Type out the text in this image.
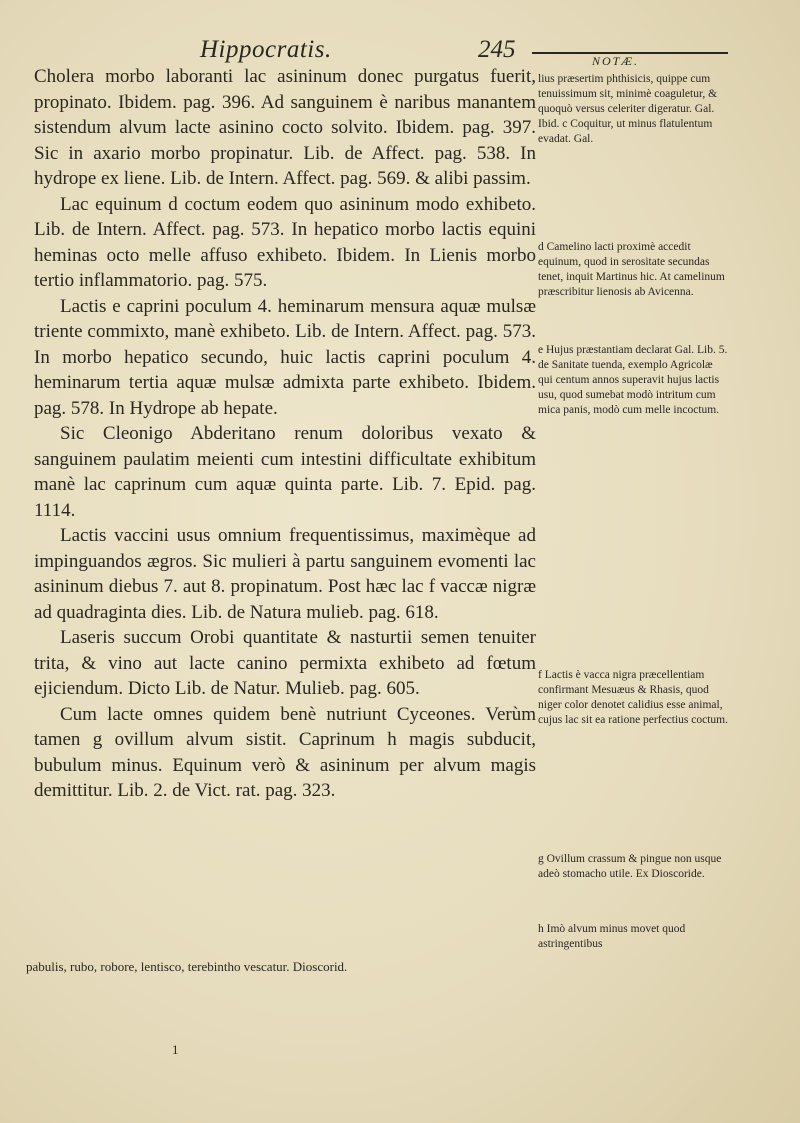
Hippocratis.	245	NOTÆ.

Cholera morbo laboranti lac asininum donec purgatus fuerit, propinato. Ibidem. pag. 396. Ad sanguinem è naribus manantem sistendum alvum lacte asinino cocto solvito. Ibidem. pag. 397. Sic in axario morbo propinatur. Lib. de Affect. pag. 538. In hydrope ex liene. Lib. de Intern. Affect. pag. 569. & alibi passim.

Lac equinum d coctum eodem quo asininum modo exhibeto. Lib. de Intern. Affect. pag. 573. In hepatico morbo lactis equini heminas octo melle affuso exhibeto. Ibidem. In Lienis morbo tertio inflammatorio. pag. 575.

Lactis e caprini poculum 4. heminarum mensura aquæ mulsæ triente commixto, manè exhibeto. Lib. de Intern. Affect. pag. 573. In morbo hepatico secundo, huic lactis caprini poculum 4. heminarum tertia aquæ mulsæ admixta parte exhibeto. Ibidem. pag. 578. In Hydrope ab hepate.

Sic Cleonigo Abderitano renum doloribus vexato & sanguinem paulatim meienti cum intestini difficultate exhibitum manè lac caprinum cum aquæ quinta parte. Lib. 7. Epid. pag. 1114.

Lactis vaccini usus omnium frequentissimus, maximèque ad impinguandos ægros. Sic mulieri à partu sanguinem evomenti lac asininum diebus 7. aut 8. propinatum. Post hæc lac f vaccæ nigræ ad quadraginta dies. Lib. de Natura mulieb. pag. 618.

Laseris succum Orobi quantitate & nasturtii semen tenuiter trita, & vino aut lacte canino permixta exhibeto ad fœtum ejiciendum. Dicto Lib. de Natur. Mulieb. pag. 605.

Cum lacte omnes quidem benè nutriunt Cyceones. Verùm tamen g ovillum alvum sistit. Caprinum h magis subducit, bubulum minus. Equinum verò & asininum per alvum magis demittitur. Lib. 2. de Vict. rat. pag. 323.

lius præsertim phthisicis, quippe cum tenuissimum sit, minimè coaguletur, & quoquò versus celeriter digeratur. Gal. Ibid. c Coquitur, ut minus flatulentum evadat. Gal.

d Camelino lacti proximè accedit equinum, quod in serositate secundas tenet, inquit Martinus hic. At camelinum præscribitur lienosis ab Avicenna.

e Hujus præstantiam declarat Gal. Lib. 5. de Sanitate tuenda, exemplo Agricolæ qui centum annos superavit hujus lactis usu, quod sumebat modò intritum cum mica panis, modò cum melle incoctum.

f Lactis è vacca nigra præcellentiam confirmant Mesuæus & Rhasis, quod niger color denotet calidius esse animal, cujus lac sit ea ratione perfectius coctum.

g Ovillum crassum & pingue non usque adeò stomacho utile. Ex Dioscoride.

h Imò alvum minus movet quod astringentibus

pabulis, rubo, robore, lentisco, terebintho vescatur. Dioscorid.
1
